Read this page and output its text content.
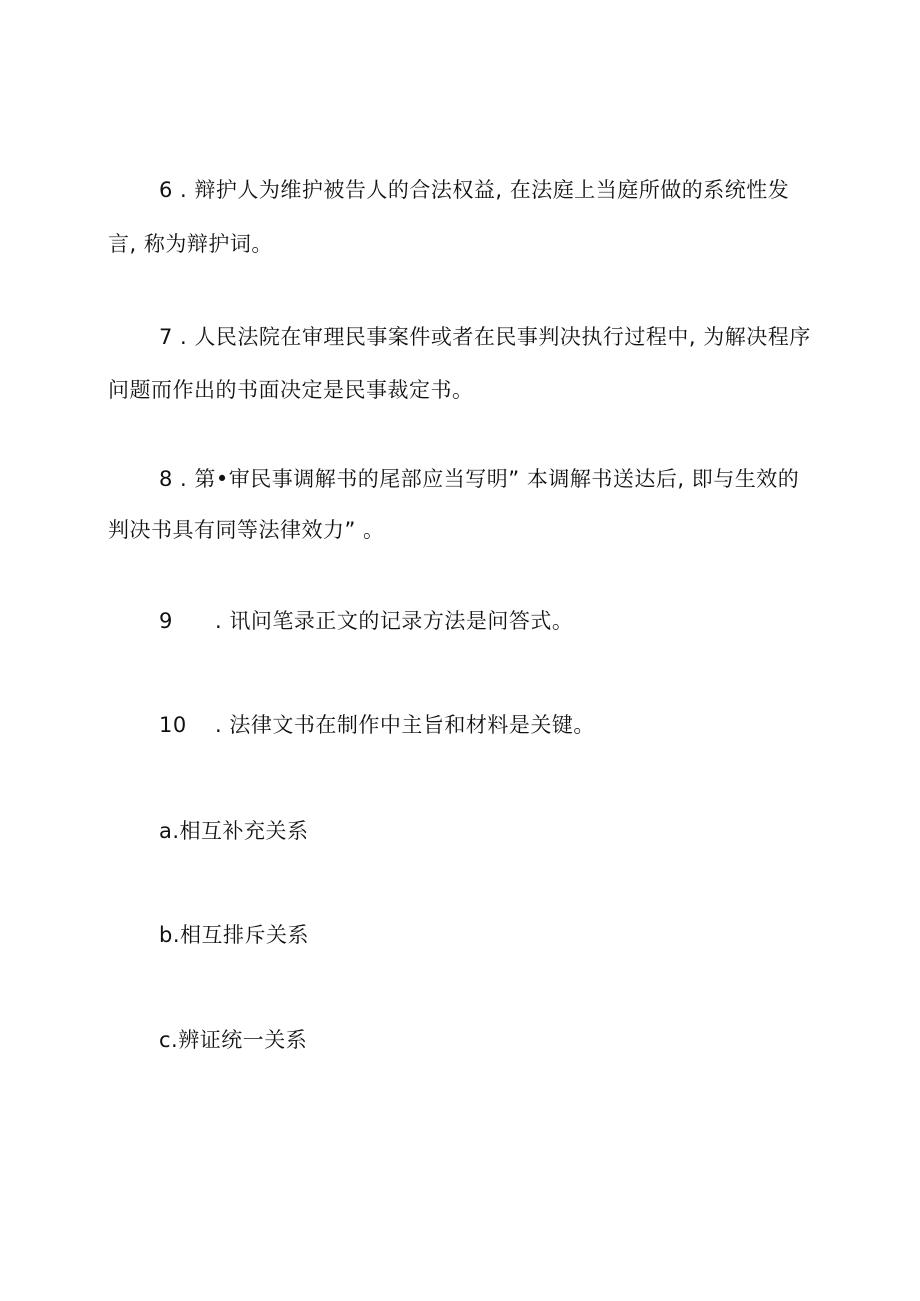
6 . 辩护人为维护被告人的合法权益, 在法庭上当庭所做的系统性发
言, 称为辩护词。
7 . 人民法院在审理民事案件或者在民事判决执行过程中, 为解决程序
问题而作出的书面决定是民事裁定书。
8 . 第•审民事调解书的尾部应当写明” 本调解书送达后, 即与生效的
判决书具有同等法律效力” 。
9 . 讯问笔录正文的记录方法是问答式。
10 . 法律文书在制作中主旨和材料是关键。
a.相互补充关系
b.相互排斥关系
c.辨证统一关系
